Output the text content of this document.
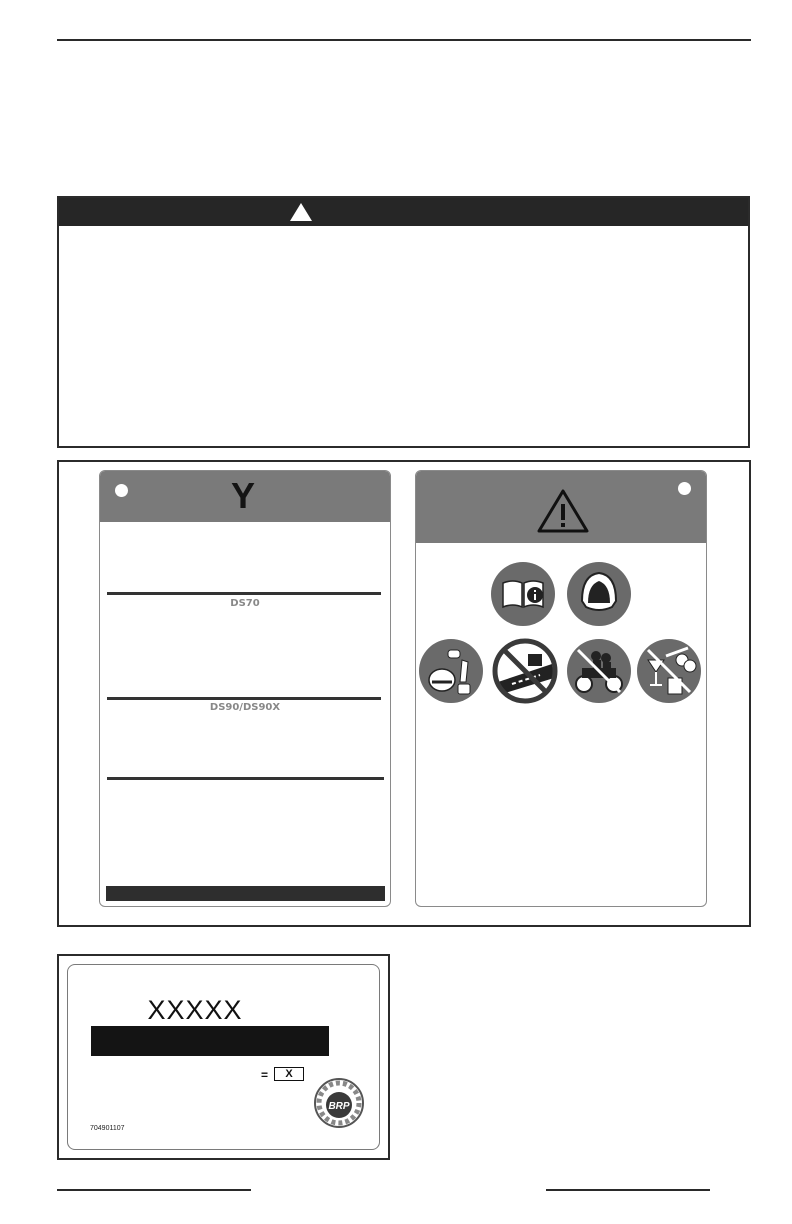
Y
DS70
DS90/DS90X
XXXXX
=	X
BRP
704901107
